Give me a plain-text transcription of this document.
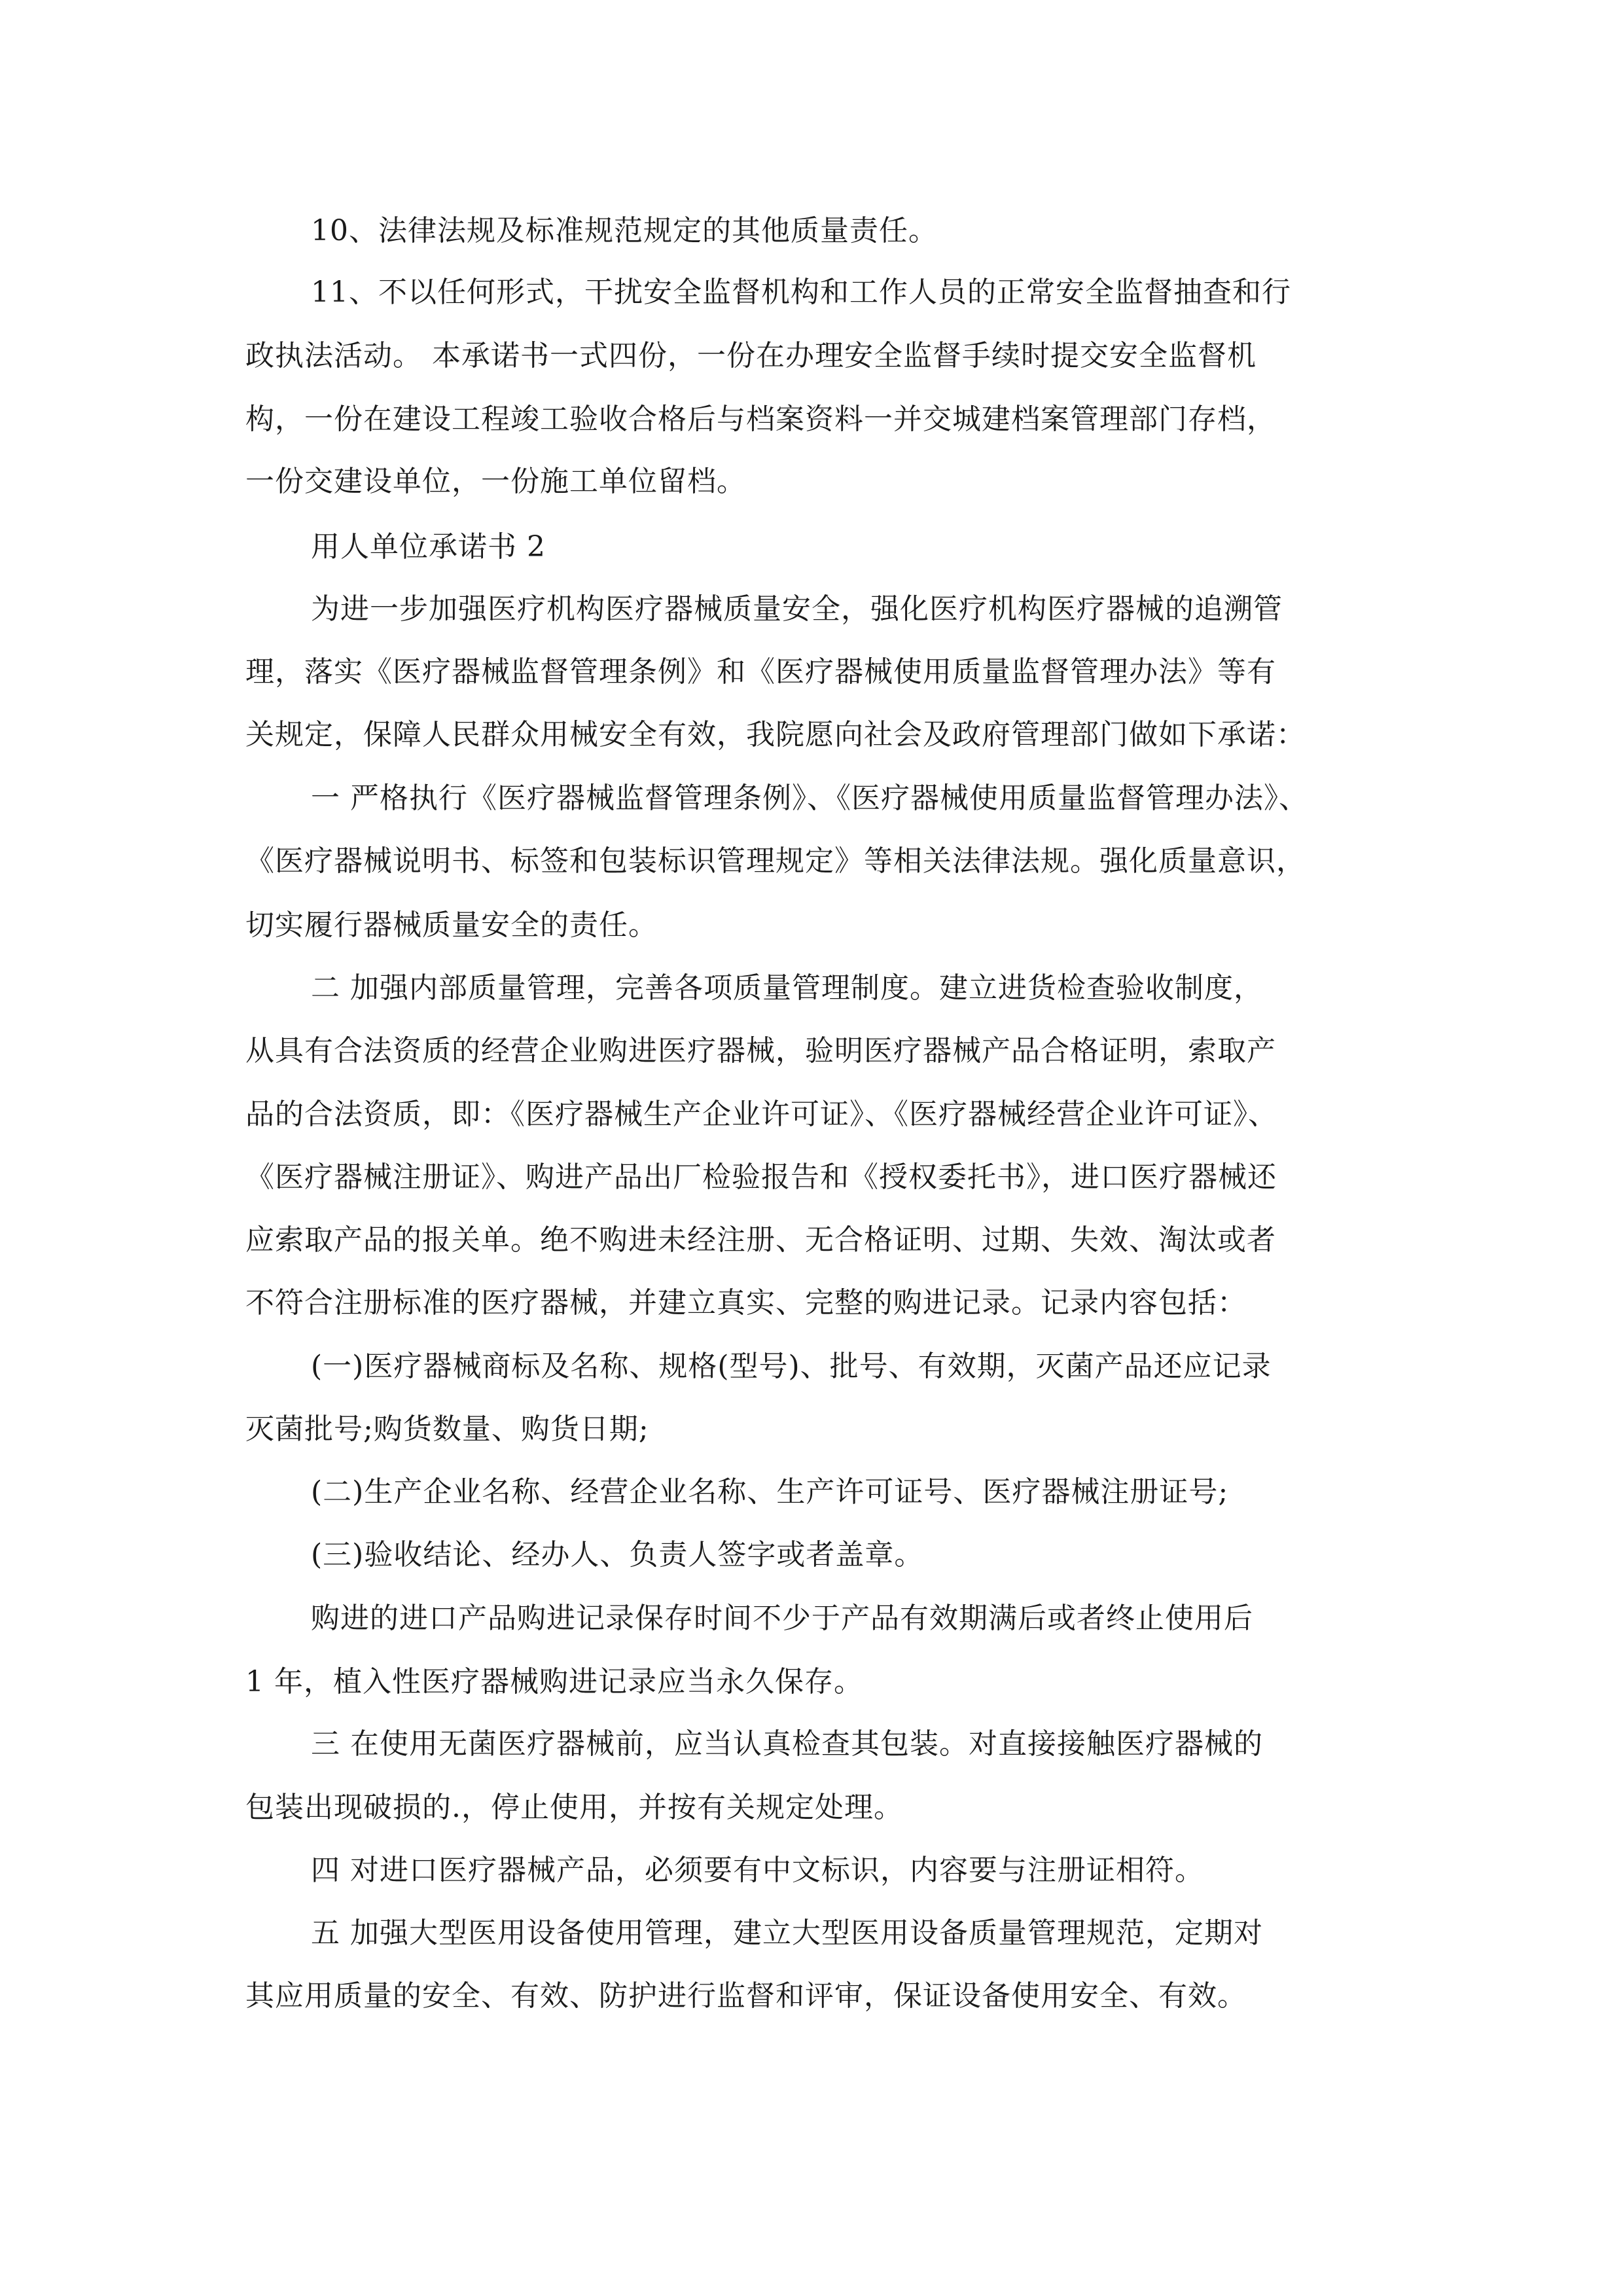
10、法律法规及标准规范规定的其他质量责任。
11、不以任何形式，干扰安全监督机构和工作人员的正常安全监督抽查和行
政执法活动。 本承诺书一式四份，一份在办理安全监督手续时提交安全监督机
构，一份在建设工程竣工验收合格后与档案资料一并交城建档案管理部门存档，
一份交建设单位，一份施工单位留档。
用人单位承诺书 2
为进一步加强医疗机构医疗器械质量安全，强化医疗机构医疗器械的追溯管
理，落实《医疗器械监督管理条例》和《医疗器械使用质量监督管理办法》等有
关规定，保障人民群众用械安全有效，我院愿向社会及政府管理部门做如下承诺：
一 严格执行《医疗器械监督管理条例》、《医疗器械使用质量监督管理办法》、
《医疗器械说明书、标签和包装标识管理规定》等相关法律法规。强化质量意识，
切实履行器械质量安全的责任。
二 加强内部质量管理，完善各项质量管理制度。建立进货检查验收制度，
从具有合法资质的经营企业购进医疗器械，验明医疗器械产品合格证明，索取产
品的合法资质，即：《医疗器械生产企业许可证》、《医疗器械经营企业许可证》、
《医疗器械注册证》、购进产品出厂检验报告和《授权委托书》，进口医疗器械还
应索取产品的报关单。绝不购进未经注册、无合格证明、过期、失效、淘汰或者
不符合注册标准的医疗器械，并建立真实、完整的购进记录。记录内容包括：
(一)医疗器械商标及名称、规格(型号)、批号、有效期，灭菌产品还应记录
灭菌批号;购货数量、购货日期;
(二)生产企业名称、经营企业名称、生产许可证号、医疗器械注册证号;
(三)验收结论、经办人、负责人签字或者盖章。
购进的进口产品购进记录保存时间不少于产品有效期满后或者终止使用后
1 年，植入性医疗器械购进记录应当永久保存。
三 在使用无菌医疗器械前，应当认真检查其包装。对直接接触医疗器械的
包装出现破损的.，停止使用，并按有关规定处理。
四 对进口医疗器械产品，必须要有中文标识，内容要与注册证相符。
五 加强大型医用设备使用管理，建立大型医用设备质量管理规范，定期对
其应用质量的安全、有效、防护进行监督和评审，保证设备使用安全、有效。
